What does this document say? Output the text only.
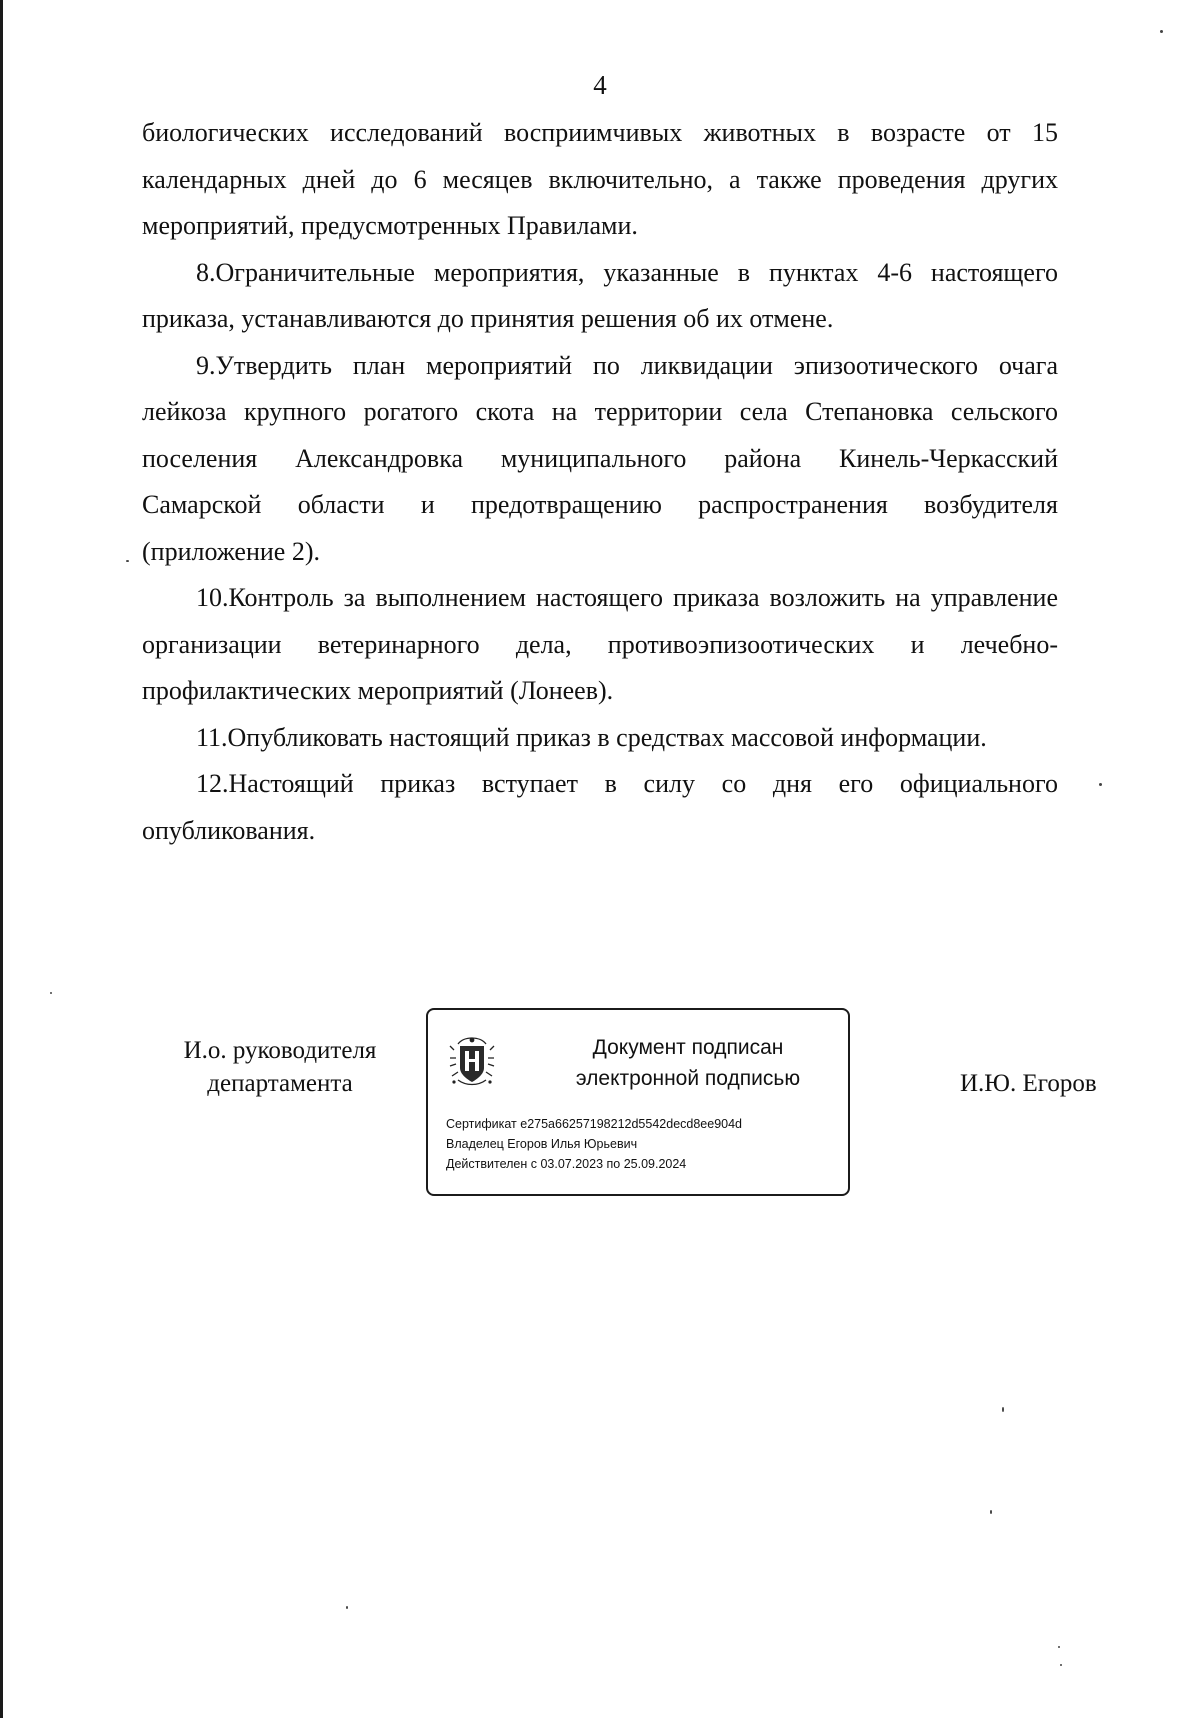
4

биологических исследований восприимчивых животных в возрасте от 15 календарных дней до 6 месяцев включительно, а также проведения других мероприятий, предусмотренных Правилами.

8.Ограничительные мероприятия, указанные в пунктах 4-6 настоящего приказа, устанавливаются до принятия решения об их отмене.

9.Утвердить план мероприятий по ликвидации эпизоотического очага лейкоза крупного рогатого скота на территории села Степановка сельского поселения Александровка муниципального района Кинель-Черкасский Самарской области и предотвращению распространения возбудителя (приложение 2).

10.Контроль за выполнением настоящего приказа возложить на управление организации ветеринарного дела, противоэпизоотических и лечебно-профилактических мероприятий (Лонеев).

11.Опубликовать настоящий приказ в средствах массовой информации.

12.Настоящий приказ вступает в силу со дня его официального опубликования.

И.о. руководителя
департамента
Документ подписан
электронной подписью
Сертификат e275a66257198212d5542decd8ee904d
Владелец Егоров Илья Юрьевич
Действителен с 03.07.2023 по 25.09.2024
И.Ю. Егоров
